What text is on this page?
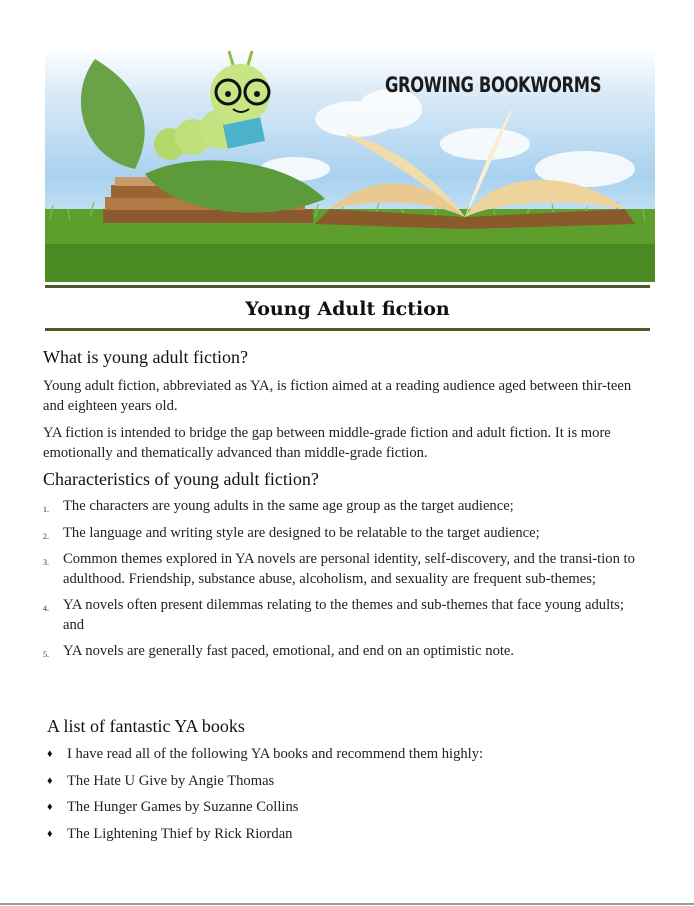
GROWING BOOKWORMS
Young Adult fiction
What is young adult fiction?

Young adult fiction, abbreviated as YA, is fiction aimed at a reading audience aged between thir-teen and eighteen years old.

YA fiction is intended to bridge the gap between middle-grade fiction and adult fiction. It is more emotionally and thematically advanced than middle-grade fiction.

Characteristics of young adult fiction?
1. The characters are young adults in the same age group as the target audience;
2. The language and writing style are designed to be relatable to the target audience;
3. Common themes explored in YA novels are personal identity, self-discovery, and the transi-tion to adulthood. Friendship, substance abuse, alcoholism, and sexuality are frequent sub-themes;
4. YA novels often present dilemmas relating to the themes and sub-themes that face young adults; and
5. YA novels are generally fast paced, emotional, and end on an optimistic note.
A list of fantastic YA books
♦ I have read all of the following YA books and recommend them highly:
♦ The Hate U Give by Angie Thomas
♦ The Hunger Games by Suzanne Collins
♦ The Lightening Thief by Rick Riordan
